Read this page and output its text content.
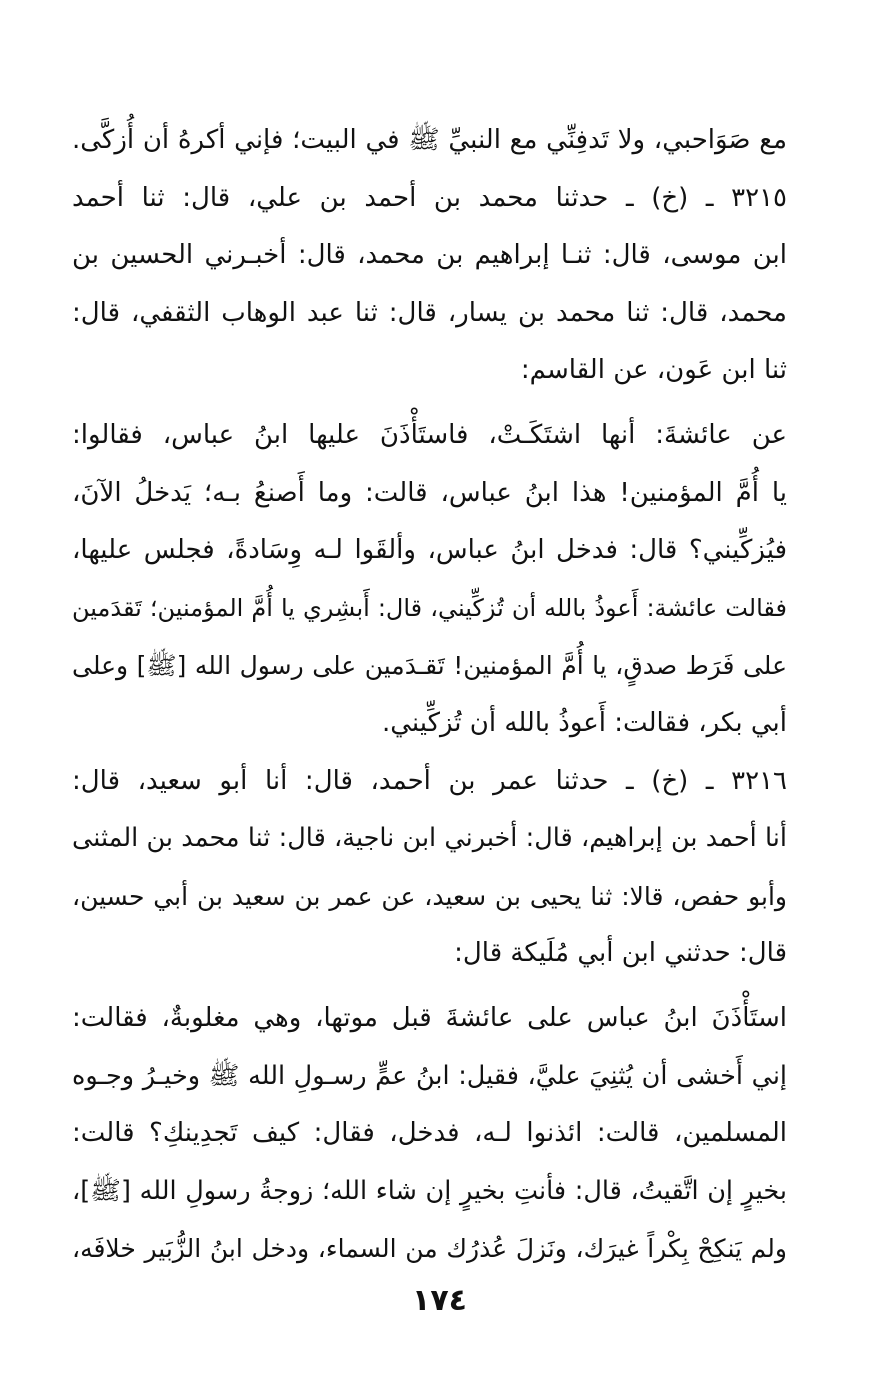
مع صَوَاحبي، ولا تَدفِنِّي مع النبيِّ ﷺ في البيت؛ فإني أكرهُ أن أُزكَّى.
٣٢١٥ ـ (خ) ـ حدثنا محمد بن أحمد بن علي، قال: ثنا أحمد
ابن موسى، قال: ثنـا إبراهيم بن محمد، قال: أخبـرني الحسين بن
محمد، قال: ثنا محمد بن يسار، قال: ثنا عبد الوهاب الثقفي، قال:
ثنا ابن عَون، عن القاسم:
عن عائشةَ: أنها اشتَكَـتْ، فاستَأْذَنَ عليها ابنُ عباس، فقالوا:
يا أُمَّ المؤمنين! هذا ابنُ عباس، قالت: وما أَصنعُ بـه؛ يَدخلُ الآنَ،
فيُزكِّيني؟ قال: فدخل ابنُ عباس، وألقَوا لـه وِسَادةً، فجلس عليها،
فقالت عائشة: أَعوذُ بالله أن تُزكِّيني، قال: أَبشِري يا أُمَّ المؤمنين؛ تَقدَمين
على فَرَط صدقٍ، يا أُمَّ المؤمنين! تَقـدَمين على رسول الله [ﷺ] وعلى
أبي بكر، فقالت: أَعوذُ بالله أن تُزكِّيني.
٣٢١٦ ـ (خ) ـ حدثنا عمر بن أحمد، قال: أنا أبو سعيد، قال:
أنا أحمد بن إبراهيم، قال: أخبرني ابن ناجية، قال: ثنا محمد بن المثنى
وأبو حفص، قالا: ثنا يحيى بن سعيد، عن عمر بن سعيد بن أبي حسين،
قال: حدثني ابن أبي مُلَيكة قال:
استَأْذَنَ ابنُ عباس على عائشةَ قبل موتها، وهي مغلوبةٌ، فقالت:
إني أَخشى أن يُثنِيَ عليَّ، فقيل: ابنُ عمٍّ رسـولِ الله ﷺ وخيـرُ وجـوه
المسلمين، قالت: ائذنوا لـه، فدخل، فقال: كيف تَجدِينكِ؟ قالت:
بخيرٍ إن اتَّقيتُ، قال: فأنتِ بخيرٍ إن شاء الله؛ زوجةُ رسولِ الله [ﷺ]،
ولم يَنكِحْ بِكْراً غيرَك، ونَزلَ عُذرُك من السماء، ودخل ابنُ الزُّبَير خلافَه،
١٧٤
